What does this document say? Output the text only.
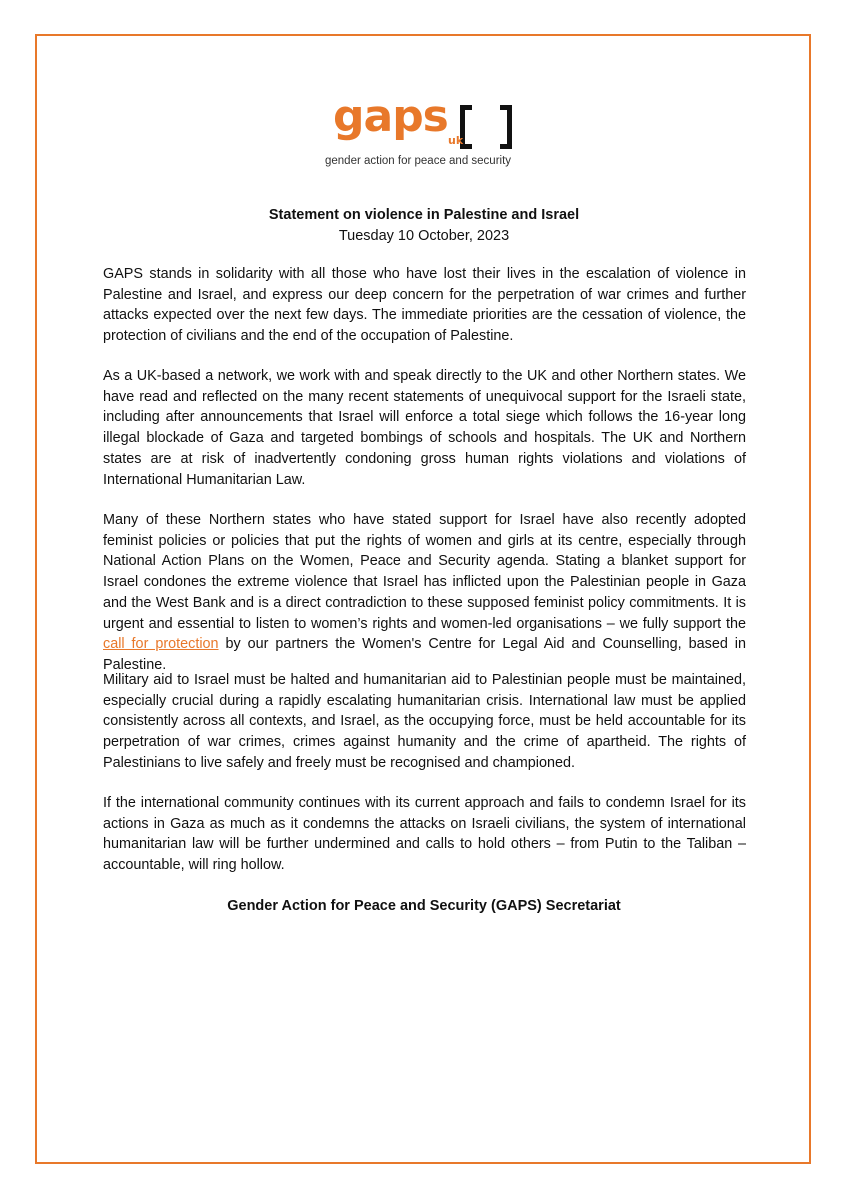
gaps uk
gender action for peace and security
Statement on violence in Palestine and Israel
Tuesday 10 October, 2023

GAPS stands in solidarity with all those who have lost their lives in the escalation of violence in Palestine and Israel, and express our deep concern for the perpetration of war crimes and further attacks expected over the next few days. The immediate priorities are the cessation of violence, the protection of civilians and the end of the occupation of Palestine.

As a UK-based a network, we work with and speak directly to the UK and other Northern states. We have read and reflected on the many recent statements of unequivocal support for the Israeli state, including after announcements that Israel will enforce a total siege which follows the 16-year long illegal blockade of Gaza and targeted bombings of schools and hospitals. The UK and Northern states are at risk of inadvertently condoning gross human rights violations and violations of International Humanitarian Law.

Many of these Northern states who have stated support for Israel have also recently adopted feminist policies or policies that put the rights of women and girls at its centre, especially through National Action Plans on the Women, Peace and Security agenda. Stating a blanket support for Israel condones the extreme violence that Israel has inflicted upon the Palestinian people in Gaza and the West Bank and is a direct contradiction to these supposed feminist policy commitments. It is urgent and essential to listen to women’s rights and women-led organisations – we fully support the call for protection by our partners the Women's Centre for Legal Aid and Counselling, based in Palestine.

Military aid to Israel must be halted and humanitarian aid to Palestinian people must be maintained, especially crucial during a rapidly escalating humanitarian crisis. International law must be applied consistently across all contexts, and Israel, as the occupying force, must be held accountable for its perpetration of war crimes, crimes against humanity and the crime of apartheid. The rights of Palestinians to live safely and freely must be recognised and championed.

If the international community continues with its current approach and fails to condemn Israel for its actions in Gaza as much as it condemns the attacks on Israeli civilians, the system of international humanitarian law will be further undermined and calls to hold others – from Putin to the Taliban – accountable, will ring hollow.

Gender Action for Peace and Security (GAPS) Secretariat
